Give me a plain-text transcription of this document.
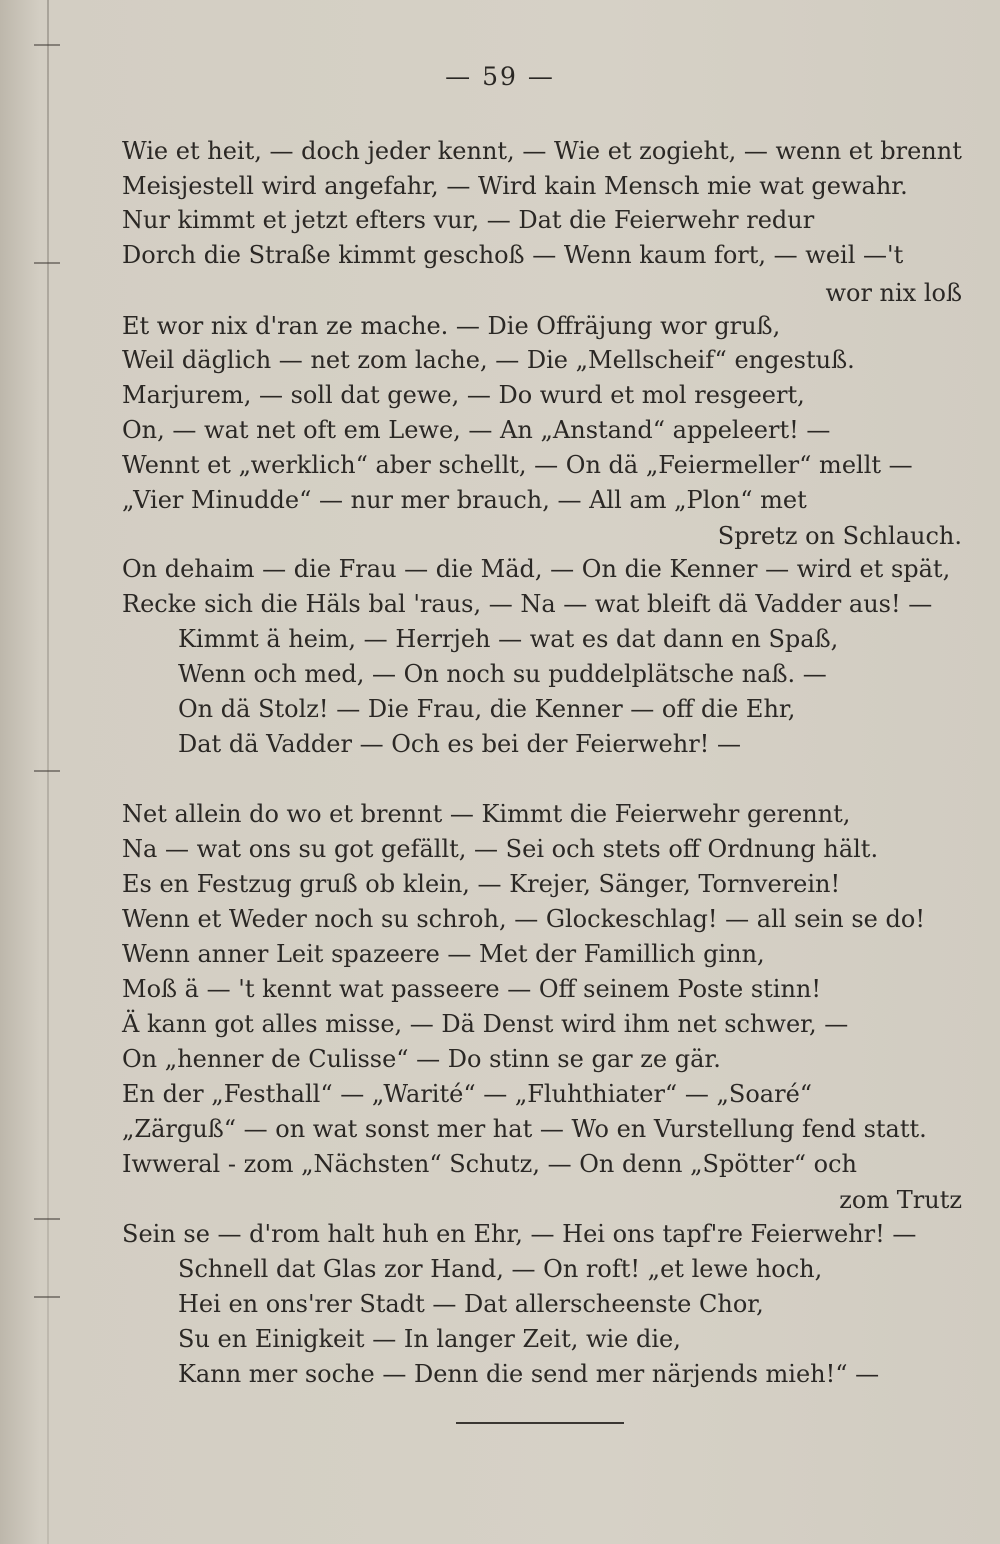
— 59 —
Wie et heit, — doch jeder kennt, — Wie et zogieht, — wenn et brennt
Meisjestell wird angefahr, — Wird kain Mensch mie wat gewahr.
Nur kimmt et jetzt efters vur, — Dat die Feierwehr redur
Dorch die Straße kimmt geschoß — Wenn kaum fort, — weil —'t
wor nix loß
Et wor nix d'ran ze mache. — Die Offräjung wor gruß,
Weil däglich — net zom lache, — Die „Mellscheif“ engestuß.
Marjurem, — soll dat gewe, — Do wurd et mol resgeert,
On, — wat net oft em Lewe, — An „Anstand“ appeleert! —
Wennt et „werklich“ aber schellt, — On dä „Feiermeller“ mellt —
„Vier Minudde“ — nur mer brauch, — All am „Plon“ met
Spretz on Schlauch.
On dehaim — die Frau — die Mäd, — On die Kenner — wird et spät,
Recke sich die Häls bal 'raus, — Na — wat bleift dä Vadder aus! —
Kimmt ä heim, — Herrjeh — wat es dat dann en Spaß,
Wenn och med, — On noch su puddelplätsche naß. —
On dä Stolz! — Die Frau, die Kenner — off die Ehr,
Dat dä Vadder — Och es bei der Feierwehr! —
Net allein do wo et brennt — Kimmt die Feierwehr gerennt,
Na — wat ons su got gefällt, — Sei och stets off Ordnung hält.
Es en Festzug gruß ob klein, — Krejer, Sänger, Tornverein!
Wenn et Weder noch su schroh, — Glockeschlag! — all sein se do!
Wenn anner Leit spazeere — Met der Famillich ginn,
Moß ä — 't kennt wat passeere — Off seinem Poste stinn!
Ä kann got alles misse, — Dä Denst wird ihm net schwer, —
On „henner de Culisse“ — Do stinn se gar ze gär.
En der „Festhall“ — „Warité“ — „Fluhthiater“ — „Soaré“
„Zärguß“ — on wat sonst mer hat — Wo en Vurstellung fend statt.
Iwweral - zom „Nächsten“ Schutz, — On denn „Spötter“ och
zom Trutz
Sein se — d'rom halt huh en Ehr, — Hei ons tapf're Feierwehr! —
Schnell dat Glas zor Hand, — On roft! „et lewe hoch,
Hei en ons'rer Stadt — Dat allerscheenste Chor,
Su en Einigkeit — In langer Zeit, wie die,
Kann mer soche — Denn die send mer närjends mieh!“ —
